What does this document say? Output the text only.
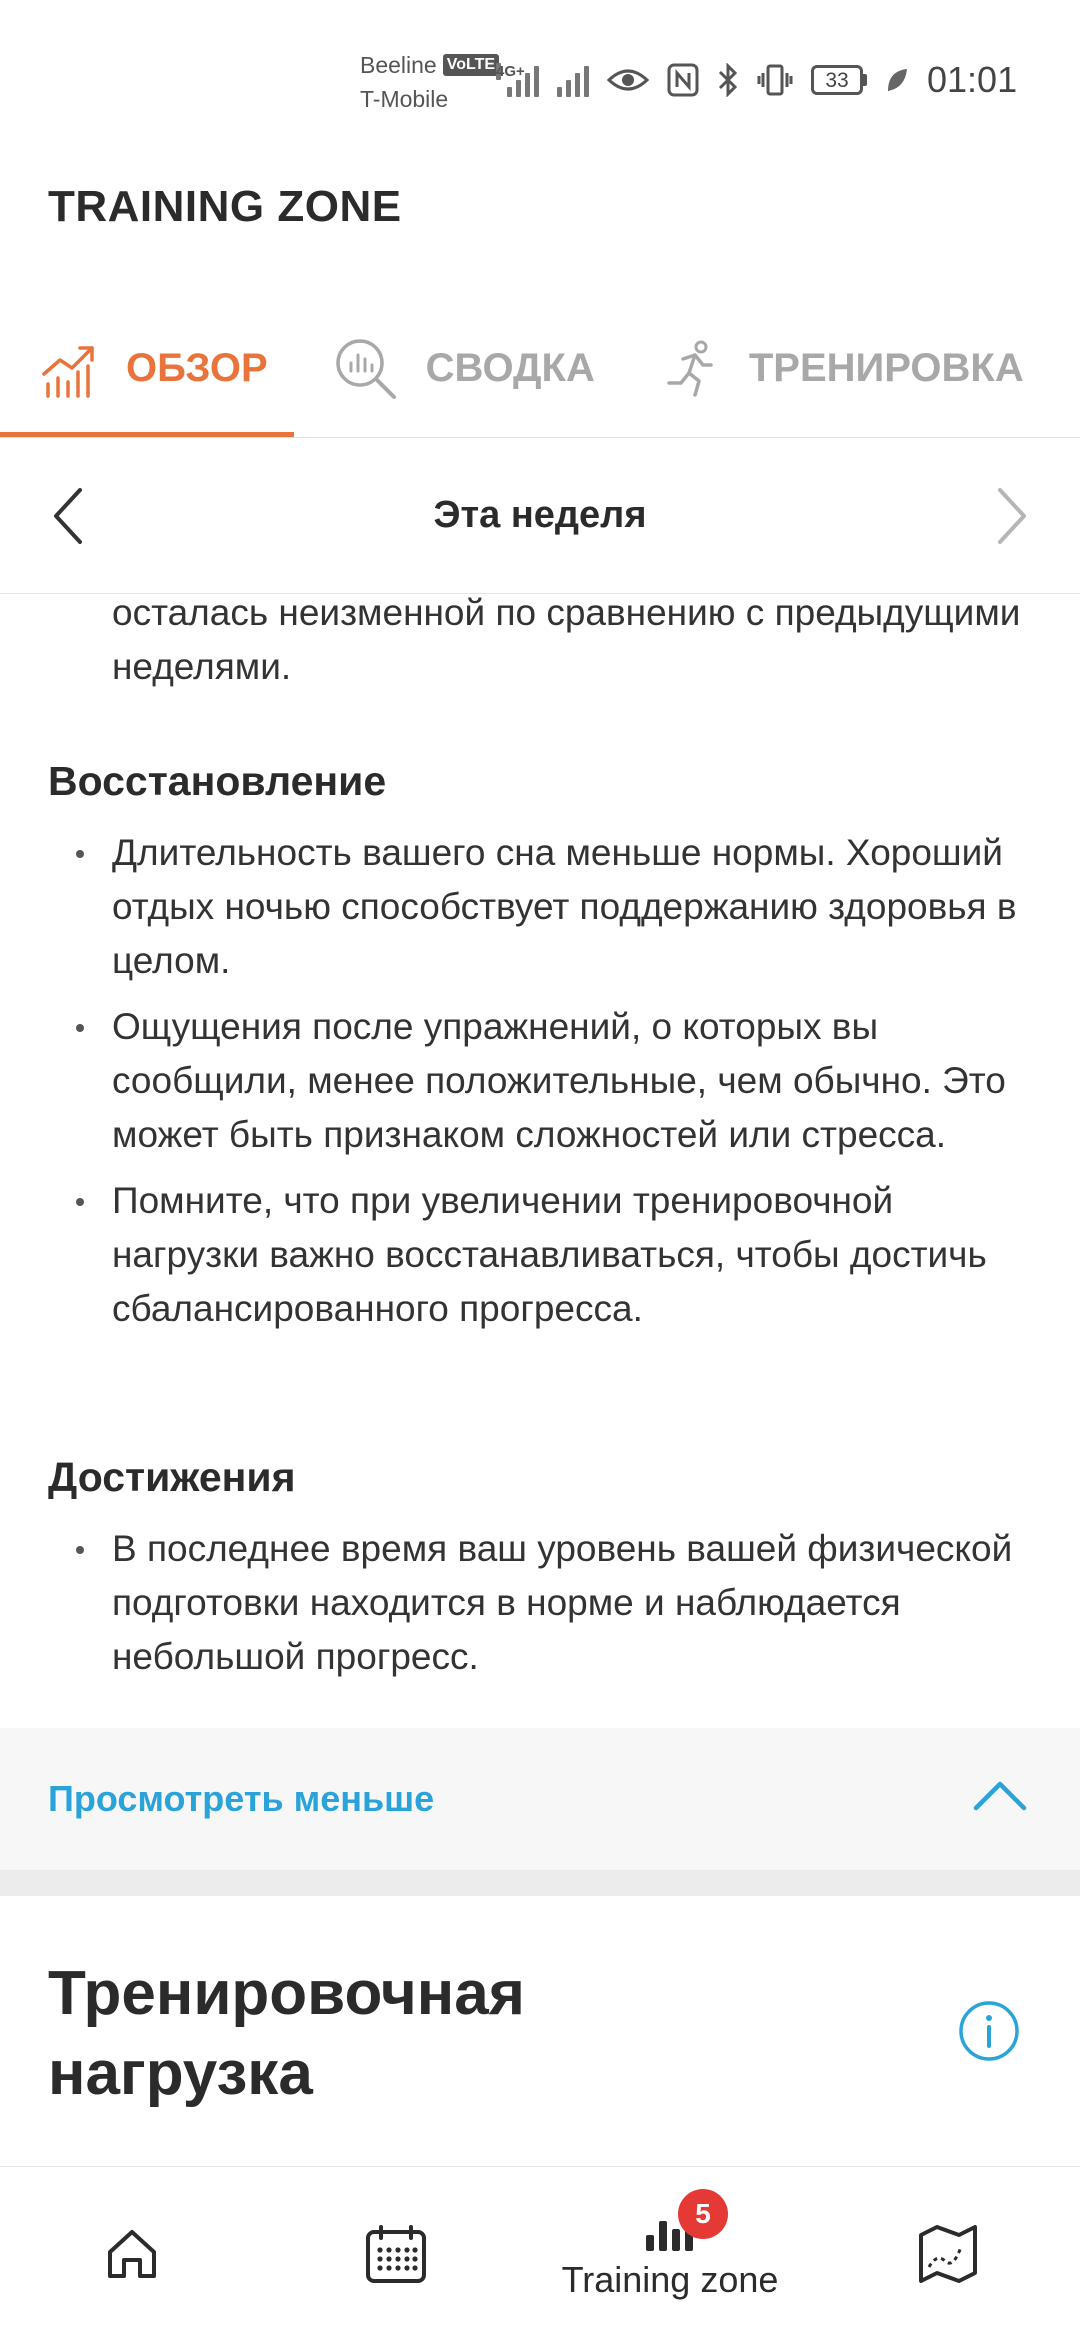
Beeline VoLTE
T-Mobile
4G+	33	01:01
TRAINING ZONE
ОБЗОР	СВОДКА	ТРЕНИРОВКА
Эта неделя
осталась неизменной по сравнению с предыдущими неделями.
Восстановление
Длительность вашего сна меньше нормы. Хороший отдых ночью способствует поддержанию здоровья в целом.
Ощущения после упражнений, о которых вы сообщили, менее положительные, чем обычно. Это может быть признаком сложностей или стресса.
Помните, что при увеличении тренировочной нагрузки важно восстанавливаться, чтобы достичь сбалансированного прогресса.
Достижения
В последнее время ваш уровень вашей физической подготовки находится в норме и наблюдается небольшой прогресс.
Просмотреть меньше
Тренировочная нагрузка
Training zone
5
